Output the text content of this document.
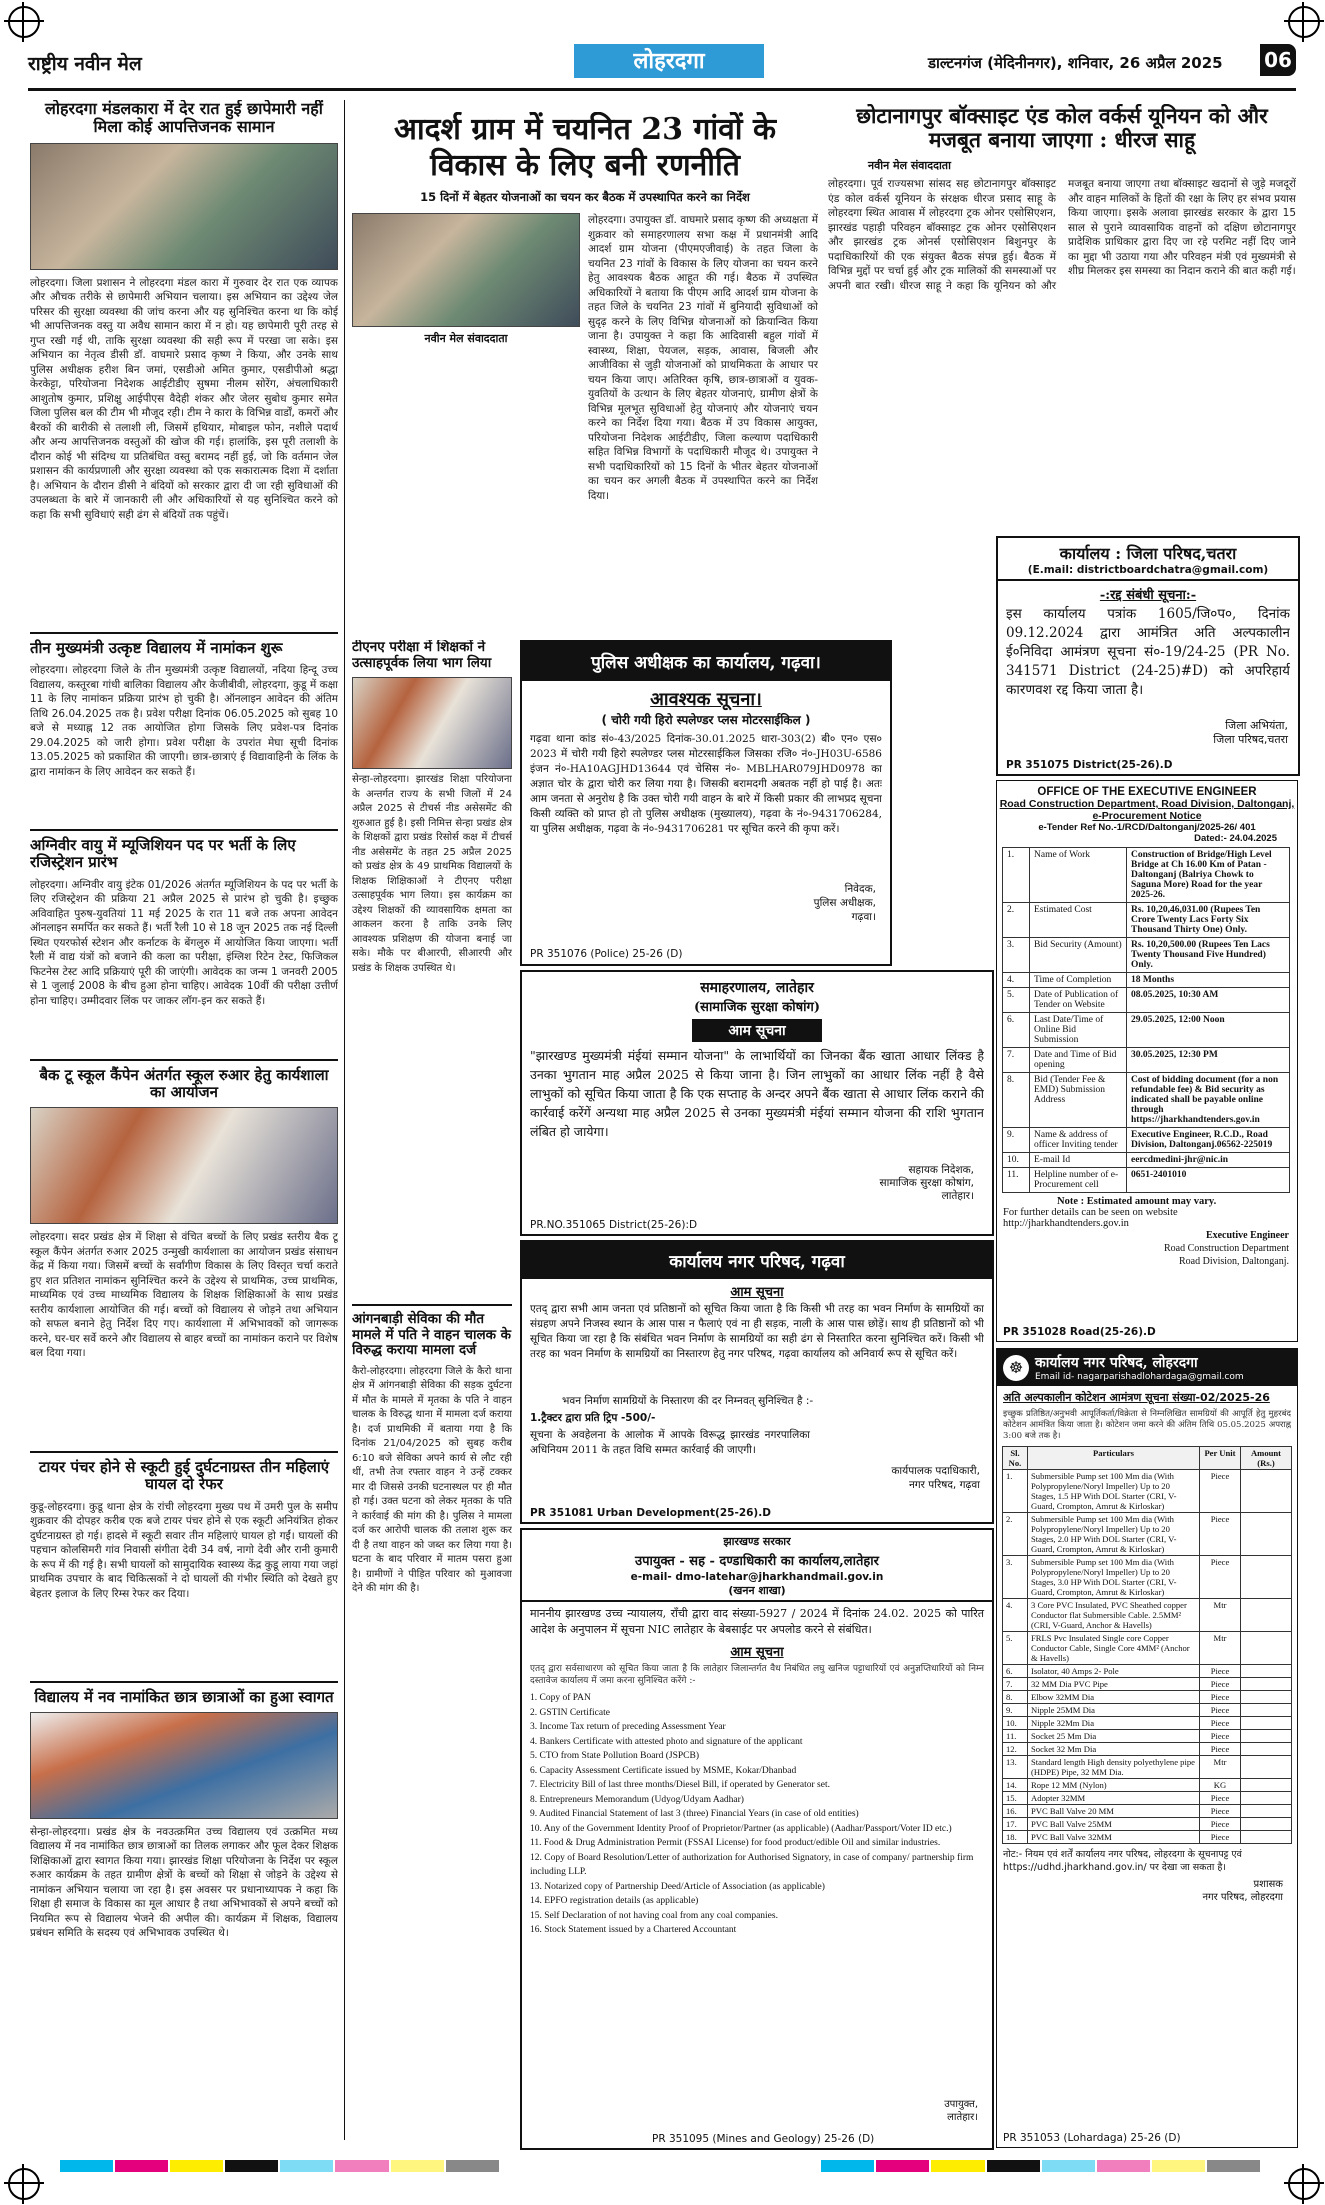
राष्ट्रीय नवीन मेल	लोहरदगा	डाल्टनगंज (मेदिनीनगर), शनिवार, 26 अप्रैल 2025 06
लोहरदगा मंडलकारा में देर रात हुई छापेमारी नहीं मिला कोई आपत्तिजनक सामान

लोहरदगा। जिला प्रशासन ने लोहरदगा मंडल कारा में गुरुवार देर रात एक व्यापक और औचक तरीके से छापेमारी अभियान चलाया। इस अभियान का उद्देश्य जेल परिसर की सुरक्षा व्यवस्था की जांच करना और यह सुनिश्चित करना था कि कोई भी आपत्तिजनक वस्तु या अवैध सामान कारा में न हो। यह छापेमारी पूरी तरह से गुप्त रखी गई थी, ताकि सुरक्षा व्यवस्था की सही रूप में परखा जा सके। इस अभियान का नेतृत्व डीसी डॉ. वाघमारे प्रसाद कृष्ण ने किया, और उनके साथ पुलिस अधीक्षक हरीश बिन जमां, एसडीओ अमित कुमार, एसडीपीओ श्रद्धा केरकेट्टा, परियोजना निदेशक आईटीडीए सुषमा नीलम सोरेंग, अंचलाधिकारी आशुतोष कुमार, प्रशिक्षु आईपीएस वैदेही शंकर और जेलर सुबोध कुमार समेत जिला पुलिस बल की टीम भी मौजूद रही। टीम ने कारा के विभिन्न वार्डों, कमरों और बैरकों की बारीकी से तलाशी ली, जिसमें हथियार, मोबाइल फोन, नशीले पदार्थ और अन्य आपत्तिजनक वस्तुओं की खोज की गई। हालांकि, इस पूरी तलाशी के दौरान कोई भी संदिग्ध या प्रतिबंधित वस्तु बरामद नहीं हुई, जो कि वर्तमान जेल प्रशासन की कार्यप्रणाली और सुरक्षा व्यवस्था को एक सकारात्मक दिशा में दर्शाता है। अभियान के दौरान डीसी ने बंदियों को सरकार द्वारा दी जा रही सुविधाओं की उपलब्धता के बारे में जानकारी ली और अधिकारियों से यह सुनिश्चित करने को कहा कि सभी सुविधाएं सही ढंग से बंदियों तक पहुंचें।

तीन मुख्यमंत्री उत्कृष्ट विद्यालय में नामांकन शुरू

लोहरदगा। लोहरदगा जिले के तीन मुख्यमंत्री उत्कृष्ट विद्यालयों, नदिया हिन्दू उच्च विद्यालय, कस्तूरबा गांधी बालिका विद्यालय और केजीबीवी, लोहरदगा, कुडू में कक्षा 11 के लिए नामांकन प्रक्रिया प्रारंभ हो चुकी है। ऑनलाइन आवेदन की अंतिम तिथि 26.04.2025 तक है। प्रवेश परीक्षा दिनांक 06.05.2025 को सुबह 10 बजे से मध्याह्न 12 तक आयोजित होगा जिसके लिए प्रवेश-पत्र दिनांक 29.04.2025 को जारी होगा। प्रवेश परीक्षा के उपरांत मेघा सूची दिनांक 13.05.2025 को प्रकाशित की जाएगी। छात्र-छात्राएं ई विद्यावाहिनी के लिंक के द्वारा नामांकन के लिए आवेदन कर सकते हैं।

अग्निवीर वायु में म्यूजिशियन पद पर भर्ती के लिए रजिस्ट्रेशन प्रारंभ

लोहरदगा। अग्निवीर वायु इंटेक 01/2026 अंतर्गत म्यूजिशियन के पद पर भर्ती के लिए रजिस्ट्रेशन की प्रक्रिया 21 अप्रैल 2025 से प्रारंभ हो चुकी है। इच्छुक अविवाहित पुरुष-युवतियां 11 मई 2025 के रात 11 बजे तक अपना आवेदन ऑनलाइन समर्पित कर सकते हैं। भर्ती रैली 10 से 18 जून 2025 तक नई दिल्ली स्थित एयरफोर्स स्टेशन और कर्नाटक के बेंगलुरु में आयोजित किया जाएगा। भर्ती रैली में वाद्य यंत्रों को बजाने की कला का परीक्षा, इंग्लिश रिटेन टेस्ट, फिजिकल फिटनेस टेस्ट आदि प्रक्रियाएं पूरी की जाएंगी। आवेदक का जन्म 1 जनवरी 2005 से 1 जुलाई 2008 के बीच हुआ होना चाहिए। आवेदक 10वीं की परीक्षा उत्तीर्ण होना चाहिए। उम्मीदवार लिंक पर जाकर लॉग-इन कर सकते हैं।

बैक टू स्कूल कैंपेन अंतर्गत स्कूल रुआर हेतु कार्यशाला का आयोजन

लोहरदगा। सदर प्रखंड क्षेत्र में शिक्षा से वंचित बच्चों के लिए प्रखंड स्तरीय बैक टू स्कूल कैंपेन अंतर्गत रुआर 2025 उन्मुखी कार्यशाला का आयोजन प्रखंड संसाधन केंद्र में किया गया। जिसमें बच्चों के सर्वांगीण विकास के लिए विस्तृत चर्चा कराते हुए शत प्रतिशत नामांकन सुनिश्चित करने के उद्देश्य से प्राथमिक, उच्च प्राथमिक, माध्यमिक एवं उच्च माध्यमिक विद्यालय के शिक्षक शिक्षिकाओं के साथ प्रखंड स्तरीय कार्यशाला आयोजित की गई। बच्चों को विद्यालय से जोड़ने तथा अभियान को सफल बनाने हेतु निर्देश दिए गए। कार्यशाला में अभिभावकों को जागरूक करने, घर-घर सर्वे करने और विद्यालय से बाहर बच्चों का नामांकन कराने पर विशेष बल दिया गया।

टायर पंचर होने से स्कूटी हुई दुर्घटनाग्रस्त तीन महिलाएं घायल दो रेफर

कुडू-लोहरदगा। कुडू थाना क्षेत्र के रांची लोहरदगा मुख्य पथ में उमरी पुल के समीप शुक्रवार की दोपहर करीब एक बजे टायर पंचर होने से एक स्कूटी अनियंत्रित होकर दुर्घटनाग्रस्त हो गई। हादसे में स्कूटी सवार तीन महिलाएं घायल हो गईं। घायलों की पहचान कोलसिमरी गांव निवासी संगीता देवी 34 वर्ष, नागो देवी और रानी कुमारी के रूप में की गई है। सभी घायलों को सामुदायिक स्वास्थ्य केंद्र कुडू लाया गया जहां प्राथमिक उपचार के बाद चिकित्सकों ने दो घायलों की गंभीर स्थिति को देखते हुए बेहतर इलाज के लिए रिम्स रेफर कर दिया।

विद्यालय में नव नामांकित छात्र छात्राओं का हुआ स्वागत

सेन्हा-लोहरदगा। प्रखंड क्षेत्र के नवउत्क्रमित उच्च विद्यालय एवं उत्क्रमित मध्य विद्यालय में नव नामांकित छात्र छात्राओं का तिलक लगाकर और फूल देकर शिक्षक शिक्षिकाओं द्वारा स्वागत किया गया। झारखंड शिक्षा परियोजना के निर्देश पर स्कूल रुआर कार्यक्रम के तहत ग्रामीण क्षेत्रों के बच्चों को शिक्षा से जोड़ने के उद्देश्य से नामांकन अभियान चलाया जा रहा है। इस अवसर पर प्रधानाध्यापक ने कहा कि शिक्षा ही समाज के विकास का मूल आधार है तथा अभिभावकों से अपने बच्चों को नियमित रूप से विद्यालय भेजने की अपील की। कार्यक्रम में शिक्षक, विद्यालय प्रबंधन समिति के सदस्य एवं अभिभावक उपस्थित थे।

आदर्श ग्राम में चयनित 23 गांवों के विकास के लिए बनी रणनीति
15 दिनों में बेहतर योजनाओं का चयन कर बैठक में उपस्थापित करने का निर्देश
नवीन मेल संवाददाता

लोहरदगा। उपायुक्त डॉ. वाघमारे प्रसाद कृष्ण की अध्यक्षता में शुक्रवार को समाहरणालय सभा कक्ष में प्रधानमंत्री आदि आदर्श ग्राम योजना (पीएमएजीवाई) के तहत जिला के चयनित 23 गांवों के विकास के लिए योजना का चयन करने हेतु आवश्यक बैठक आहूत की गई। बैठक में उपस्थित अधिकारियों ने बताया कि पीएम आदि आदर्श ग्राम योजना के तहत जिले के चयनित 23 गांवों में बुनियादी सुविधाओं को सुदृढ़ करने के लिए विभिन्न योजनाओं को क्रियान्वित किया जाना है। उपायुक्त ने कहा कि आदिवासी बहुल गांवों में स्वास्थ्य, शिक्षा, पेयजल, सड़क, आवास, बिजली और आजीविका से जुड़ी योजनाओं को प्राथमिकता के आधार पर चयन किया जाए। अतिरिक्त कृषि, छात्र-छात्राओं व युवक-युवतियों के उत्थान के लिए बेहतर योजनाएं, ग्रामीण क्षेत्रों के विभिन्न मूलभूत सुविधाओं हेतु योजनाएं और योजनाएं चयन करने का निर्देश दिया गया। बैठक में उप विकास आयुक्त, परियोजना निदेशक आईटीडीए, जिला कल्याण पदाधिकारी सहित विभिन्न विभागों के पदाधिकारी मौजूद थे। उपायुक्त ने सभी पदाधिकारियों को 15 दिनों के भीतर बेहतर योजनाओं का चयन कर अगली बैठक में उपस्थापित करने का निर्देश दिया।

टीएनए परीक्षा में शिक्षकों ने उत्साहपूर्वक लिया भाग लिया

सेन्हा-लोहरदगा। झारखंड शिक्षा परियोजना के अन्तर्गत राज्य के सभी जिलों में 24 अप्रैल 2025 से टीचर्स नीड असेसमेंट की शुरुआत हुई है। इसी निमित्त सेन्हा प्रखंड क्षेत्र के शिक्षकों द्वारा प्रखंड रिसोर्स कक्ष में टीचर्स नीड असेसमेंट के तहत 25 अप्रैल 2025 को प्रखंड क्षेत्र के 49 प्राथमिक विद्यालयों के शिक्षक शिक्षिकाओं ने टीएनए परीक्षा उत्साहपूर्वक भाग लिया। इस कार्यक्रम का उद्देश्य शिक्षकों की व्यावसायिक क्षमता का आकलन करना है ताकि उनके लिए आवश्यक प्रशिक्षण की योजना बनाई जा सके। मौके पर बीआरपी, सीआरपी और प्रखंड के शिक्षक उपस्थित थे।

आंगनबाड़ी सेविका की मौत मामले में पति ने वाहन चालक के विरुद्ध कराया मामला दर्ज

कैरो-लोहरदगा। लोहरदगा जिले के कैरो थाना क्षेत्र में आंगनबाड़ी सेविका की सड़क दुर्घटना में मौत के मामले में मृतका के पति ने वाहन चालक के विरुद्ध थाना में मामला दर्ज कराया है। दर्ज प्राथमिकी में बताया गया है कि दिनांक 21/04/2025 को सुबह करीब 6:10 बजे सेविका अपने कार्य से लौट रही थीं, तभी तेज रफ्तार वाहन ने उन्हें टक्कर मार दी जिससे उनकी घटनास्थल पर ही मौत हो गई। उक्त घटना को लेकर मृतका के पति ने कार्रवाई की मांग की है। पुलिस ने मामला दर्ज कर आरोपी चालक की तलाश शुरू कर दी है तथा वाहन को जब्त कर लिया गया है। घटना के बाद परिवार में मातम पसरा हुआ है। ग्रामीणों ने पीड़ित परिवार को मुआवजा देने की मांग की है।

छोटानागपुर बॉक्साइट एंड कोल वर्कर्स यूनियन को और मजबूत बनाया जाएगा : धीरज साहू
नवीन मेल संवाददाता

लोहरदगा। पूर्व राज्यसभा सांसद सह छोटानागपुर बॉक्साइट एंड कोल वर्कर्स यूनियन के संरक्षक धीरज प्रसाद साहू के लोहरदगा स्थित आवास में लोहरदगा ट्रक ओनर एसोसिएशन, झारखंड पहाड़ी परिवहन बॉक्साइट ट्रक ओनर एसोसिएशन और झारखंड ट्रक ओनर्स एसोसिएशन बिशुनपुर के पदाधिकारियों की एक संयुक्त बैठक संपन्न हुई। बैठक में विभिन्न मुद्दों पर चर्चा हुई और ट्रक मालिकों की समस्याओं पर अपनी बात रखी। धीरज साहू ने कहा कि यूनियन को और मजबूत बनाया जाएगा तथा बॉक्साइट खदानों से जुड़े मजदूरों और वाहन मालिकों के हितों की रक्षा के लिए हर संभव प्रयास किया जाएगा। इसके अलावा झारखंड सरकार के द्वारा 15 साल से पुराने व्यावसायिक वाहनों को दक्षिण छोटानागपुर प्रादेशिक प्राधिकार द्वारा दिए जा रहे परमिट नहीं दिए जाने का मुद्दा भी उठाया गया और परिवहन मंत्री एवं मुख्यमंत्री से शीघ्र मिलकर इस समस्या का निदान कराने की बात कही गई।

पुलिस अधीक्षक का कार्यालय, गढ़वा।
आवश्यक सूचना।
( चोरी गयी हिरो स्पलेण्डर प्लस मोटरसाईकिल )

गढ़वा थाना कांड सं०-43/2025 दिनांक-30.01.2025 धारा-303(2) बी० एन० एस० 2023 में चोरी गयी हिरो स्पलेण्डर प्लस मोटरसाईकिल जिसका रजि० नं०-JH03U-6586 इंजन नं०-HA10AGJHD13644 एवं चेसिस नं०- MBLHAR079JHD0978 का अज्ञात चोर के द्वारा चोरी कर लिया गया है। जिसकी बरामदगी अबतक नहीं हो पाई है। अतः आम जनता से अनुरोध है कि उक्त चोरी गयी वाहन के बारे में किसी प्रकार की लाभप्रद सूचना किसी व्यक्ति को प्राप्त हो तो पुलिस अधीक्षक (मुख्यालय), गढ़वा के नं०-9431706284, या पुलिस अधीक्षक, गढ़वा के नं०-9431706281 पर सूचित करने की कृपा करें।

निवेदक,
पुलिस अधीक्षक,
गढ़वा।
PR 351076 (Police) 25-26 (D)
कार्यालय : जिला परिषद,चतरा
(E.mail: districtboardchatra@gmail.com)
-:रद्द संबंधी सूचना:-

इस कार्यालय पत्रांक 1605/जि०प०, दिनांक 09.12.2024 द्वारा आमंत्रित अति अल्पकालीन ई०निविदा आमंत्रण सूचना सं०-19/24-25 (PR No. 341571 District (24-25)#D) को अपरिहार्य कारणवश रद्द किया जाता है।

जिला अभियंता,
जिला परिषद,चतरा
PR 351075 District(25-26).D
समाहरणालय, लातेहार
(सामाजिक सुरक्षा कोषांग)
आम सूचना

"झारखण्ड मुख्यमंत्री मंईयां सम्मान योजना" के लाभार्थियों का जिनका बैंक खाता आधार लिंक्ड है उनका भुगतान माह अप्रैल 2025 से किया जाना है। जिन लाभुकों का आधार लिंक नहीं है वैसे लाभुकों को सूचित किया जाता है कि एक सप्ताह के अन्दर अपने बैंक खाता से आधार लिंक कराने की कार्रवाई करेंगें अन्यथा माह अप्रैल 2025 से उनका मुख्यमंत्री मंईयां सम्मान योजना की राशि भुगतान लंबित हो जायेगा।

सहायक निदेशक,
सामाजिक सुरक्षा कोषांग,
लातेहार।
PR.NO.351065 District(25-26):D
कार्यालय नगर परिषद, गढ़वा
आम सूचना

एतद् द्वारा सभी आम जनता एवं प्रतिष्ठानों को सूचित किया जाता है कि किसी भी तरह का भवन निर्माण के सामग्रियों का संग्रहण अपने निजस्व स्थान के आस पास न फैलाएं एवं ना ही सड़क, नाली के आस पास छोड़ें। साथ ही प्रतिष्ठानों को भी सूचित किया जा रहा है कि संबंधित भवन निर्माण के सामग्रियों का सही ढंग से निस्तारित करना सुनिश्चित करें। किसी भी तरह का भवन निर्माण के सामग्रियों का निस्तारण हेतु नगर परिषद, गढ़वा कार्यालय को अनिवार्य रूप से सूचित करें।

भवन निर्माण सामग्रियों के निस्तारण की दर निम्नवत् सुनिश्चित है :-
1.ट्रैक्टर द्वारा प्रति ट्रिप -500/-

सूचना के अवहेलना के आलोक में आपके विरूद्ध झारखंड नगरपालिका अधिनियम 2011 के तहत विधि सम्मत कार्रवाई की जाएगी।

कार्यपालक पदाधिकारी,
नगर परिषद, गढ़वा
PR 351081 Urban Development(25-26).D
झारखण्ड सरकार
उपायुक्त - सह - दण्डाधिकारी का कार्यालय,लातेहार
e-mail- dmo-latehar@jharkhandmail.gov.in
(खनन शाखा)

माननीय झारखण्ड उच्च न्यायालय, राँची द्वारा वाद संख्या-5927 / 2024 में दिनांक 24.02. 2025 को पारित आदेश के अनुपालन में सूचना NIC लातेहार के बेबसाईट पर अपलोड करने से संबंधित।

आम सूचना

एतद् द्वारा सर्वसाधारण को सूचित किया जाता है कि लातेहार जिलान्तर्गत वैध निबंधित लघु खनिज पट्टाधारियों एवं अनुज्ञप्तिधारियों को निम्न दस्तावेज कार्यालय में जमा करना सुनिश्चित करेंगे :-

1. Copy of PAN
2. GSTIN Certificate
3. Income Tax return of preceding Assessment Year
4. Bankers Certificate with attested photo and signature of the applicant
5. CTO from State Pollution Board (JSPCB)
6. Capacity Assessment Certificate issued by MSME, Kokar/Dhanbad
7. Electricity Bill of last three months/Diesel Bill, if operated by Generator set.
8. Entrepreneurs Memorandum (Udyog/Udyam Aadhar)
9. Audited Financial Statement of last 3 (three) Financial Years (in case of old entities)
10. Any of the Government Identity Proof of Proprietor/Partner (as applicable) (Aadhar/Passport/Voter ID etc.)
11. Food & Drug Administration Permit (FSSAI License) for food product/edible Oil and similar industries.
12. Copy of Board Resolution/Letter of authorization for Authorised Signatory, in case of company/ partnership firm including LLP.
13. Notarized copy of Partnership Deed/Article of Association (as applicable)
14. EPFO registration details (as applicable)
15. Self Declaration of not having coal from any coal companies.
16. Stock Statement issued by a Chartered Accountant
उपायुक्त,
लातेहार।
PR 351095 (Mines and Geology) 25-26 (D)
OFFICE OF THE EXECUTIVE ENGINEER
Road Construction Department, Road Division, Daltonganj,
e-Procurement Notice
e-Tender Ref No.-1/RCD/Daltonganj/2025-26/ 401
Dated:- 24.04.2025
1.	Name of Work	Construction of Bridge/High Level Bridge at Ch 16.00 Km of Patan - Daltonganj (Balriya Chowk to Saguna More) Road for the year 2025-26.
2.	Estimated Cost	Rs. 10,20,46,031.00 (Rupees Ten Crore Twenty Lacs Forty Six Thousand Thirty One) Only.
3.	Bid Security (Amount)	Rs. 10,20,500.00 (Rupees Ten Lacs Twenty Thousand Five Hundred) Only.
4.	Time of Completion	18 Months
5.	Date of Publication of Tender on Website	08.05.2025, 10:30 AM
6.	Last Date/Time of Online Bid Submission	29.05.2025, 12:00 Noon
7.	Date and Time of Bid opening	30.05.2025, 12:30 PM
8.	Bid (Tender Fee & EMD) Submission Address	Cost of bidding document (for a non refundable fee) & Bid security as indicated shall be payable online through https://jharkhandtenders.gov.in
9.	Name & address of officer Inviting tender	Executive Engineer, R.C.D., Road Division, Daltonganj.06562-225019
10.	E-mail Id	eercdmedini-jhr@nic.in
11.	Helpline number of e-Procurement cell	0651-2401010
Note : Estimated amount may vary.
For further details can be seen on website http://jharkhandtenders.gov.in
Executive Engineer
Road Construction Department
Road Division, Daltonganj.
PR 351028 Road(25-26).D
☸ कार्यालय नगर परिषद, लोहरदगा
Email id- nagarparishadlohardaga@gmail.com
अति अल्पकालीन कोटेशन आमंत्रण सूचना संख्या-02/2025-26

इच्छुक प्रतिष्ठित/अनुभवी आपूर्तिकर्ता/विक्रेता से निम्नलिखित सामग्रियों की आपूर्ति हेतु मुहरबंद कोटेशन आमंत्रित किया जाता है। कोटेशन जमा करने की अंतिम तिथि 05.05.2025 अपराह्न 3:00 बजे तक है।

Sl. No.	Particulars	Per Unit	Amount (Rs.)
1.	Submersible Pump set 100 Mm dia (With Polypropylene/Noryl Impeller) Up to 20 Stages, 1.5 HP With DOL Starter (CRI, V-Guard, Crompton, Amrut & Kirloskar)	Piece	
2.	Submersible Pump set 100 Mm dia (With Polypropylene/Noryl Impeller) Up to 20 Stages, 2.0 HP With DOL Starter (CRI, V-Guard, Crompton, Amrut & Kirloskar)	Piece	
3.	Submersible Pump set 100 Mm dia (With Polypropylene/Noryl Impeller) Up to 20 Stages, 3.0 HP With DOL Starter (CRI, V-Guard, Crompton, Amrut & Kirloskar)	Piece	
4.	3 Core PVC Insulated, PVC Sheathed copper Conductor flat Submersible Cable. 2.5MM² (CRI, V-Guard, Anchor & Havells)	Mtr	
5.	FRLS Pvc Insulated Single core Copper Conductor Cable, Single Core 4MM² (Anchor & Havells)	Mtr	
6.	Isolator, 40 Amps 2- Pole	Piece	
7.	32 MM Dia PVC Pipe	Piece	
8.	Elbow 32MM Dia	Piece	
9.	Nipple 25MM Dia	Piece	
10.	Nipple 32Mm Dia	Piece	
11.	Socket 25 Mm Dia	Piece	
12.	Socket 32 Mm Dia	Piece	
13.	Standard length High density polyethylene pipe (HDPE) Pipe, 32 MM Dia.	Mtr	
14.	Rope 12 MM (Nylon)	KG	
15.	Adopter 32MM	Piece	
16.	PVC Ball Valve 20 MM	Piece	
17.	PVC Ball Valve 25MM	Piece	
18.	PVC Ball Valve 32MM	Piece	

नोट:- नियम एवं शर्तें कार्यालय नगर परिषद, लोहरदगा के सूचनापट्ट एवं https://udhd.jharkhand.gov.in/ पर देखा जा सकता है।

प्रशासक
नगर परिषद, लोहरदगा
PR 351053 (Lohardaga) 25-26 (D)
